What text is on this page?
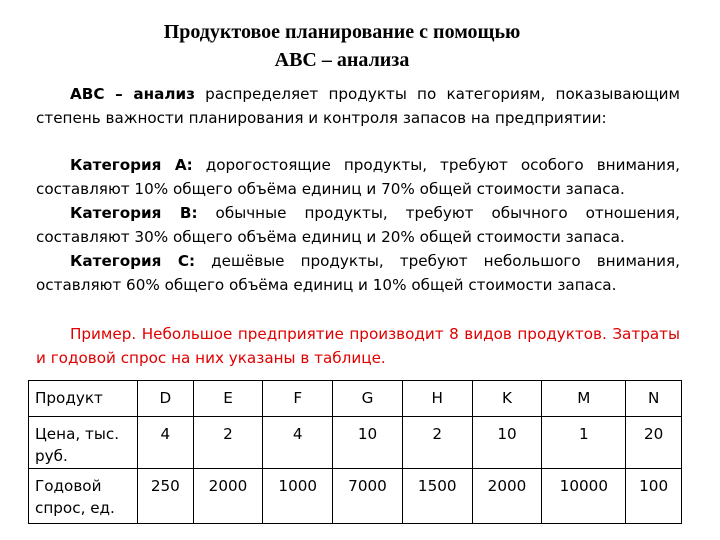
Продуктовое планирование с помощью
АВС – анализа
АВС – анализ распределяет продукты по категориям, показывающим степень важности планирования и контроля запасов на предприятии:
Категория А: дорогостоящие продукты, требуют особого внимания, составляют 10% общего объёма единиц и 70% общей стоимости запаса.
Категория В: обычные продукты, требуют обычного отношения, составляют 30% общего объёма единиц и 20% общей стоимости запаса.
Категория С: дешёвые продукты, требуют небольшого внимания, оставляют 60% общего объёма единиц и 10% общей стоимости запаса.
Пример. Небольшое предприятие производит 8 видов продуктов. Затраты и годовой спрос на них указаны в таблице.
Продукт	D	E	F	G	H	K	M	N
Цена, тыс. руб.	4	2	4	10	2	10	1	20
Годовой спрос, ед.	250	2000	1000	7000	1500	2000	10000	100
